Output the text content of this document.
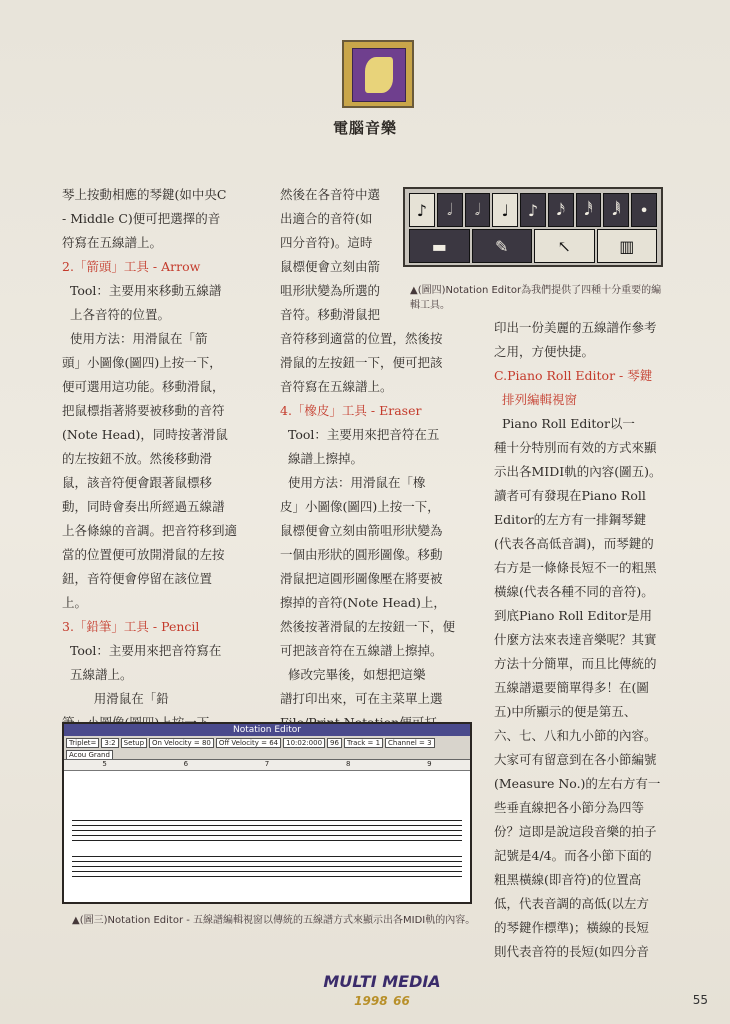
電腦音樂

琴上按動相應的琴鍵(如中央C

- Middle C)便可把選擇的音

符寫在五線譜上。

2.「箭頭」工具 - Arrow

Tool：主要用來移動五線譜

上各音符的位置。

使用方法：用滑鼠在「箭

頭」小圖像(圖四)上按一下，

便可選用這功能。移動滑鼠，

把鼠標指著將要被移動的音符

(Note Head)，同時按著滑鼠

的左按鈕不放。然後移動滑

鼠，該音符便會跟著鼠標移

動，同時會奏出所經過五線譜

上各條線的音調。把音符移到適

當的位置便可放開滑鼠的左按

鈕，音符便會停留在該位置

上。

3.「鉛筆」工具 - Pencil

Tool：主要用來把音符寫在

五線譜上。

用滑鼠在「鉛

然後在各音符中選

出適合的音符(如

四分音符)。這時

鼠標便會立刻由箭

咀形狀變為所選的

音符。移動滑鼠把

音符移到適當的位置，然後按

滑鼠的左按鈕一下，便可把該

音符寫在五線譜上。

4.「橡皮」工具 - Eraser

Tool：主要用來把音符在五

線譜上擦掉。

使用方法：用滑鼠在「橡

皮」小圖像(圖四)上按一下，

鼠標便會立刻由箭咀形狀變為

一個由形狀的圓形圖像。移動

滑鼠把這圓形圖像壓在將要被

擦掉的音符(Note Head)上，

然後按著滑鼠的左按鈕一下，便

可把該音符在五線譜上擦掉。

修改完畢後，如想把這樂

譜打印出來，可在主菜單上選

印出一份美麗的五線譜作參考

之用，方便快捷。

C.Piano Roll Editor - 琴鍵

排列編輯視窗

Piano Roll Editor以一

種十分特別而有效的方式來顯

示出各MIDI軌的內容(圖五)。

讀者可有發現在Piano Roll

Editor的左方有一排鋼琴鍵

(代表各高低音調)，而琴鍵的

右方是一條條長短不一的粗黑

橫線(代表各種不同的音符)。

到底Piano Roll Editor是用

什麼方法來表達音樂呢？其實

方法十分簡單，而且比傳統的

五線譜還要簡單得多！在(圖

五)中所顯示的便是第五、

六、七、八和九小節的內容。

大家可有留意到在各小節編號

(Measure No.)的左右方有一

些垂直線把各小節分為四等

份？這即是說這段音樂的拍子

記號是4/4。而各小節下面的

粗黑橫線(即音符)的位置高

低，代表音調的高低(以左方

的琴鍵作標準)；橫線的長短

則代表音符的長短(如四分音

♪	𝅗𝅥	𝅗𝅥	♩	♪	𝅘𝅥𝅯	𝅘𝅥𝅰	𝅘𝅥𝅱	•
▬	✎	↖	▥
▲(圖四)Notation Editor為我們提供了四種十分重要的編輯工具。
Notation Editor
Triplet=	3:2	Setup	On Velocity = 80	Off Velocity = 64	10:02:000	96	Track = 1	Channel = 3
Acou Grand
5	6	7	8	9
▲(圖三)Notation Editor - 五線譜編輯視窗以傳統的五線譜方式來顯示出各MIDI軌的內容。
MULTI MEDIA
1998 66	55
